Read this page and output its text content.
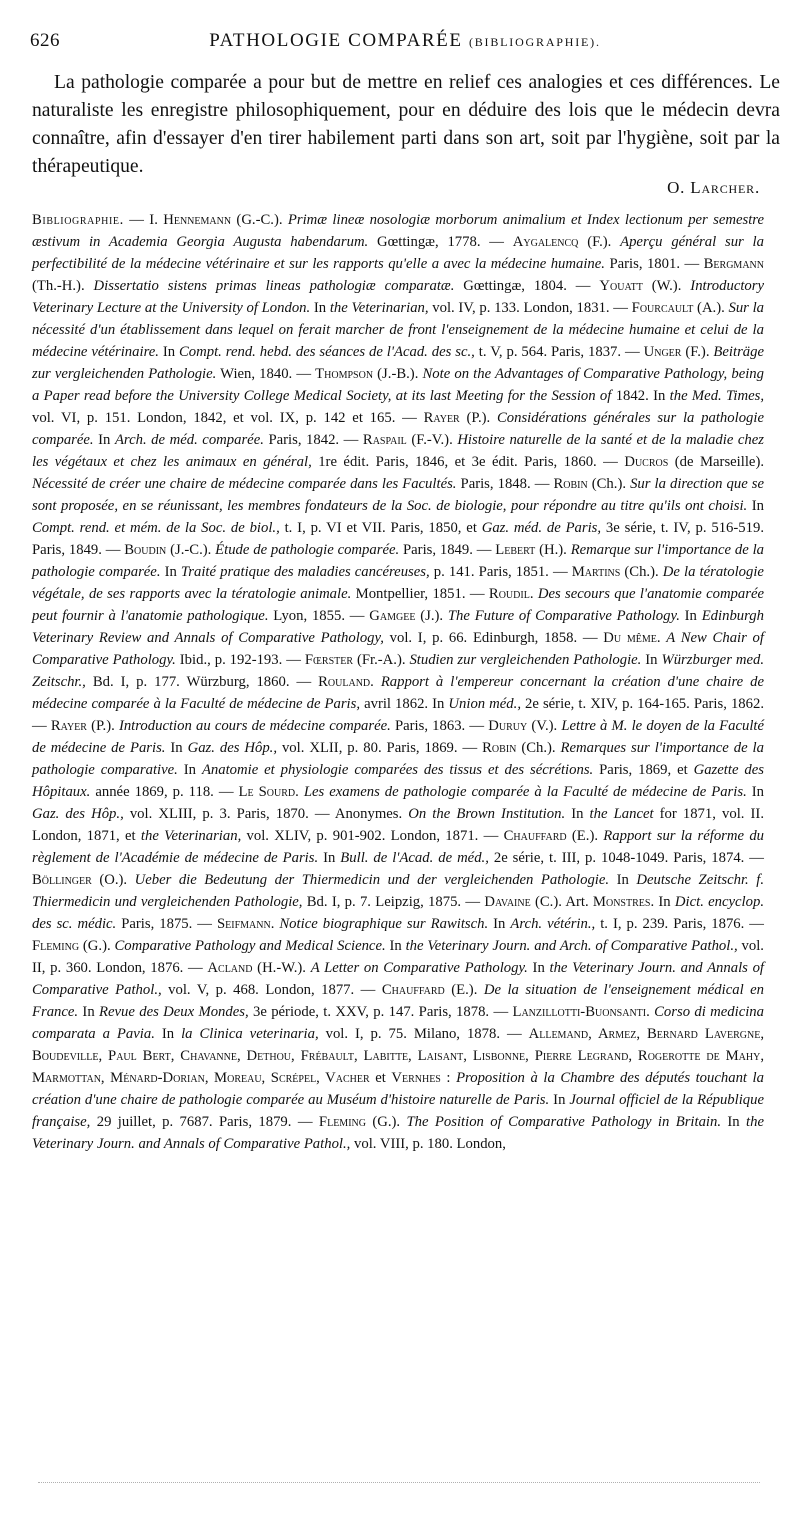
626	PATHOLOGIE COMPARÉE (BIBLIOGRAPHIE).

La pathologie comparée a pour but de mettre en relief ces analogies et ces différences. Le naturaliste les enregistre philosophiquement, pour en déduire des lois que le médecin devra connaître, afin d'essayer d'en tirer habilement parti dans son art, soit par l'hygiène, soit par la thérapeutique.

O. Larcher.

Bibliographie. — I. Hennemann (G.-C.). Primæ lineæ nosologiæ morborum animalium et Index lectionum per semestre æstivum in Academia Georgia Augusta habendarum. Gœttingæ, 1778. — Aygalencq (F.). Aperçu général sur la perfectibilité de la médecine vétérinaire et sur les rapports qu'elle a avec la médecine humaine. Paris, 1801. — Bergmann (Th.-H.). Dissertatio sistens primas lineas pathologiæ comparatæ. Gœttingæ, 1804. — Youatt (W.). Introductory Veterinary Lecture at the University of London. In the Veterinarian, vol. IV, p. 133. London, 1831. — Fourcault (A.). Sur la nécessité d'un établissement dans lequel on ferait marcher de front l'enseignement de la médecine humaine et celui de la médecine vétérinaire. In Compt. rend. hebd. des séances de l'Acad. des sc., t. V, p. 564. Paris, 1837. — Unger (F.). Beiträge zur vergleichenden Pathologie. Wien, 1840. — Thompson (J.-B.). Note on the Advantages of Comparative Pathology, being a Paper read before the University College Medical Society, at its last Meeting for the Session of 1842. In the Med. Times, vol. VI, p. 151. London, 1842, et vol. IX, p. 142 et 165. — Rayer (P.). Considérations générales sur la pathologie comparée. In Arch. de méd. comparée. Paris, 1842. — Raspail (F.-V.). Histoire naturelle de la santé et de la maladie chez les végétaux et chez les animaux en général, 1re édit. Paris, 1846, et 3e édit. Paris, 1860. — Ducros (de Marseille). Nécessité de créer une chaire de médecine comparée dans les Facultés. Paris, 1848. — Robin (Ch.). Sur la direction que se sont proposée, en se réunissant, les membres fondateurs de la Soc. de biologie, pour répondre au titre qu'ils ont choisi. In Compt. rend. et mém. de la Soc. de biol., t. I, p. VI et VII. Paris, 1850, et Gaz. méd. de Paris, 3e série, t. IV, p. 516-519. Paris, 1849. — Boudin (J.-C.). Étude de pathologie comparée. Paris, 1849. — Lebert (H.). Remarque sur l'importance de la pathologie comparée. In Traité pratique des maladies cancéreuses, p. 141. Paris, 1851. — Martins (Ch.). De la tératologie végétale, de ses rapports avec la tératologie animale. Montpellier, 1851. — Roudil. Des secours que l'anatomie comparée peut fournir à l'anatomie pathologique. Lyon, 1855. — Gamgee (J.). The Future of Comparative Pathology. In Edinburgh Veterinary Review and Annals of Comparative Pathology, vol. I, p. 66. Edinburgh, 1858. — Du même. A New Chair of Comparative Pathology. Ibid., p. 192-193. — Fœrster (Fr.-A.). Studien zur vergleichenden Pathologie. In Würzburger med. Zeitschr., Bd. I, p. 177. Würzburg, 1860. — Rouland. Rapport à l'empereur concernant la création d'une chaire de médecine comparée à la Faculté de médecine de Paris, avril 1862. In Union méd., 2e série, t. XIV, p. 164-165. Paris, 1862. — Rayer (P.). Introduction au cours de médecine comparée. Paris, 1863. — Duruy (V.). Lettre à M. le doyen de la Faculté de médecine de Paris. In Gaz. des Hôp., vol. XLII, p. 80. Paris, 1869. — Robin (Ch.). Remarques sur l'importance de la pathologie comparative. In Anatomie et physiologie comparées des tissus et des sécrétions. Paris, 1869, et Gazette des Hôpitaux. année 1869, p. 118. — Le Sourd. Les examens de pathologie comparée à la Faculté de médecine de Paris. In Gaz. des Hôp., vol. XLIII, p. 3. Paris, 1870. — Anonymes. On the Brown Institution. In the Lancet for 1871, vol. II. London, 1871, et the Veterinarian, vol. XLIV, p. 901-902. London, 1871. — Chauffard (E.). Rapport sur la réforme du règlement de l'Académie de médecine de Paris. In Bull. de l'Acad. de méd., 2e série, t. III, p. 1048-1049. Paris, 1874. — Böllinger (O.). Ueber die Bedeutung der Thiermedicin und der vergleichenden Pathologie. In Deutsche Zeitschr. f. Thiermedicin und vergleichenden Pathologie, Bd. I, p. 7. Leipzig, 1875. — Davaine (C.). Art. Monstres. In Dict. encyclop. des sc. médic. Paris, 1875. — Seifmann. Notice biographique sur Rawitsch. In Arch. vétérin., t. I, p. 239. Paris, 1876. — Fleming (G.). Comparative Pathology and Medical Science. In the Veterinary Journ. and Arch. of Comparative Pathol., vol. II, p. 360. London, 1876. — Acland (H.-W.). A Letter on Comparative Pathology. In the Veterinary Journ. and Annals of Comparative Pathol., vol. V, p. 468. London, 1877. — Chauffard (E.). De la situation de l'enseignement médical en France. In Revue des Deux Mondes, 3e période, t. XXV, p. 147. Paris, 1878. — Lanzillotti-Buonsanti. Corso di medicina comparata a Pavia. In la Clinica veterinaria, vol. I, p. 75. Milano, 1878. — Allemand, Armez, Bernard Lavergne, Boudeville, Paul Bert, Chavanne, Dethou, Frébault, Labitte, Laisant, Lisbonne, Pierre Legrand, Rogerotte de Mahy, Marmottan, Ménard-Dorian, Moreau, Scrépel, Vacher et Vernhes : Proposition à la Chambre des députés touchant la création d'une chaire de pathologie comparée au Muséum d'histoire naturelle de Paris. In Journal officiel de la République française, 29 juillet, p. 7687. Paris, 1879. — Fleming (G.). The Position of Comparative Pathology in Britain. In the Veterinary Journ. and Annals of Comparative Pathol., vol. VIII, p. 180. London,
